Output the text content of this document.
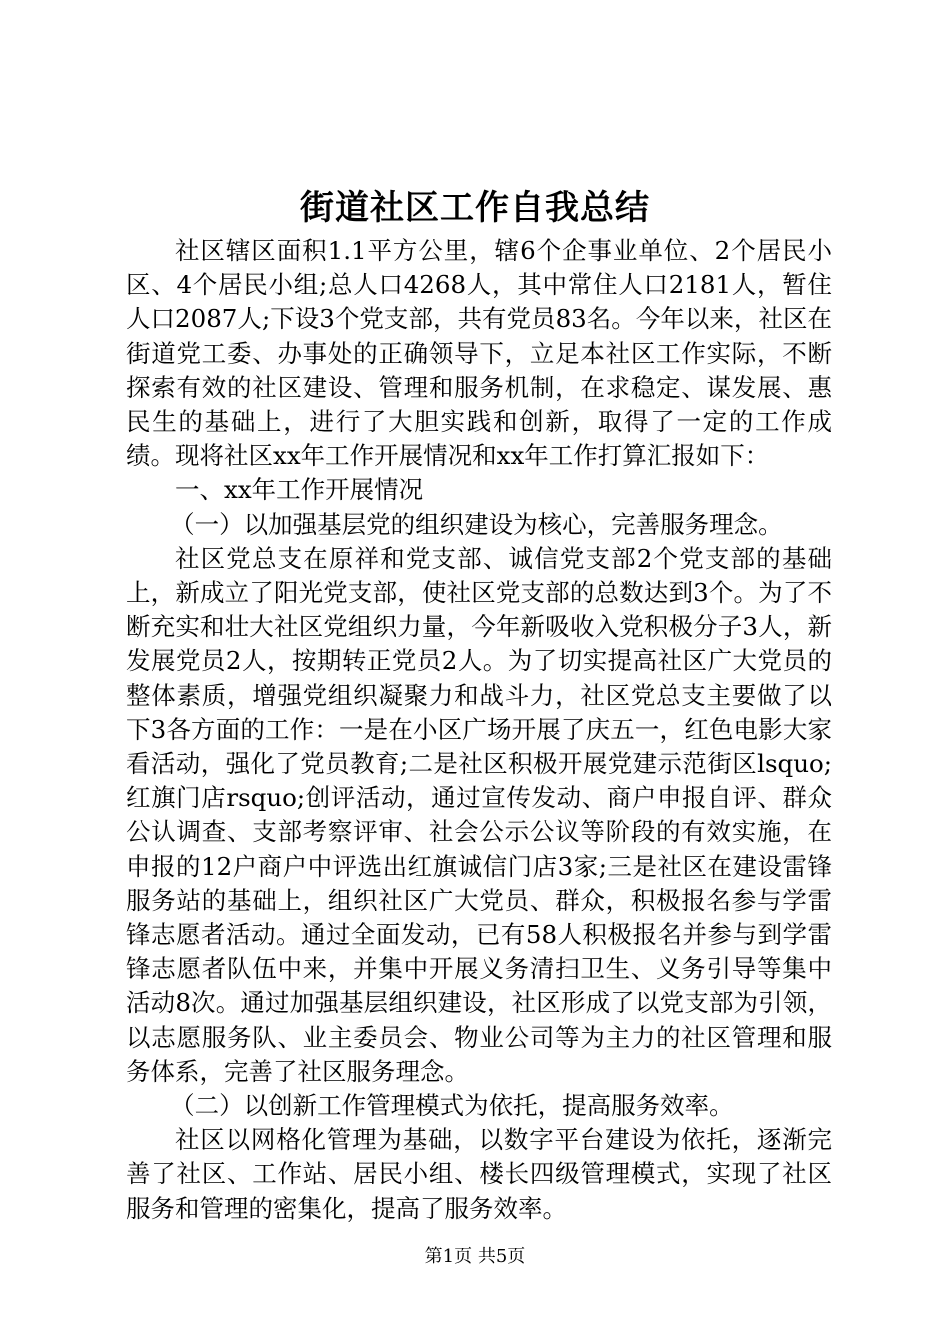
街道社区工作自我总结

社区辖区面积1.1平方公里，辖6个企事业单位、2个居民小区、4个居民小组;总人口4268人，其中常住人口2181人，暂住人口2087人;下设3个党支部，共有党员83名。今年以来，社区在街道党工委、办事处的正确领导下，立足本社区工作实际，不断探索有效的社区建设、管理和服务机制，在求稳定、谋发展、惠民生的基础上，进行了大胆实践和创新，取得了一定的工作成绩。现将社区xx年工作开展情况和xx年工作打算汇报如下：

一、xx年工作开展情况

（一）以加强基层党的组织建设为核心，完善服务理念。

社区党总支在原祥和党支部、诚信党支部2个党支部的基础上，新成立了阳光党支部，使社区党支部的总数达到3个。为了不断充实和壮大社区党组织力量，今年新吸收入党积极分子3人，新发展党员2人，按期转正党员2人。为了切实提高社区广大党员的整体素质，增强党组织凝聚力和战斗力，社区党总支主要做了以下3各方面的工作：一是在小区广场开展了庆五一，红色电影大家看活动，强化了党员教育;二是社区积极开展党建示范街区lsquo;红旗门店rsquo;创评活动，通过宣传发动、商户申报自评、群众公认调查、支部考察评审、社会公示公议等阶段的有效实施，在申报的12户商户中评选出红旗诚信门店3家;三是社区在建设雷锋服务站的基础上，组织社区广大党员、群众，积极报名参与学雷锋志愿者活动。通过全面发动，已有58人积极报名并参与到学雷锋志愿者队伍中来，并集中开展义务清扫卫生、义务引导等集中活动8次。通过加强基层组织建设，社区形成了以党支部为引领，以志愿服务队、业主委员会、物业公司等为主力的社区管理和服务体系，完善了社区服务理念。

（二）以创新工作管理模式为依托，提高服务效率。

社区以网格化管理为基础，以数字平台建设为依托，逐渐完善了社区、工作站、居民小组、楼长四级管理模式，实现了社区服务和管理的密集化，提高了服务效率。

第1页 共5页
